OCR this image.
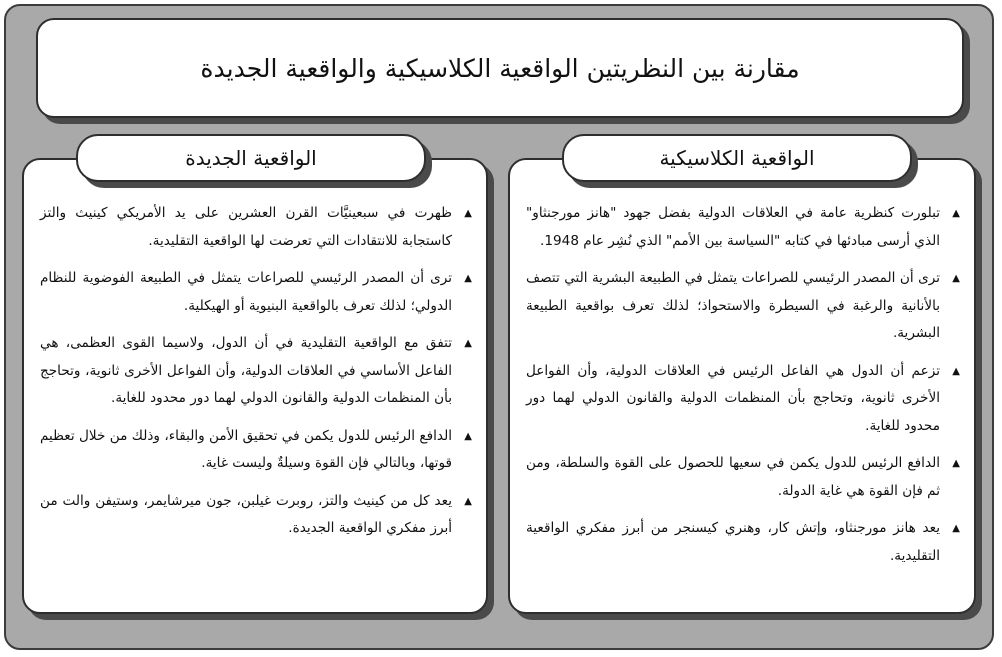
مقارنة بين النظريتين الواقعية الكلاسيكية والواقعية الجديدة
▲
تبلورت كنظرية عامة في العلاقات الدولية بفضل جهود "هانز مورجنثاو" الذي أرسى مبادئها في كتابه "السياسة بين الأمم" الذي نُشِر عام 1948.
▲
ترى أن المصدر الرئيسي للصراعات يتمثل في الطبيعة البشرية التي تتصف بالأنانية والرغبة في السيطرة والاستحواذ؛ لذلك تعرف بواقعية الطبيعة البشرية.
▲
تزعم أن الدول هي الفاعل الرئيس في العلاقات الدولية، وأن الفواعل الأخرى ثانوية، وتحاجج بأن المنظمات الدولية والقانون الدولي لهما دور محدود للغاية.
▲
الدافع الرئيس للدول يكمن في سعيها للحصول على القوة والسلطة، ومن ثم فإن القوة هي غاية الدولة.
▲
يعد هانز مورجنثاو، وإتش كار، وهنري كيسنجر من أبرز مفكري الواقعية التقليدية.
الواقعية الكلاسيكية
▲
ظهرت في سبعينيَّات القرن العشرين على يد الأمريكي كينيث والتز كاستجابة للانتقادات التي تعرضت لها الواقعية التقليدية.
▲
ترى أن المصدر الرئيسي للصراعات يتمثل في الطبيعة الفوضوية للنظام الدولي؛ لذلك تعرف بالواقعية البنيوية أو الهيكلية.
▲
تتفق مع الواقعية التقليدية في أن الدول، ولاسيما القوى العظمى، هي الفاعل الأساسي في العلاقات الدولية، وأن الفواعل الأخرى ثانوية، وتحاجج بأن المنظمات الدولية والقانون الدولي لهما دور محدود للغاية.
▲
الدافع الرئيس للدول يكمن في تحقيق الأمن والبقاء، وذلك من خلال تعظيم قوتها، وبالتالي فإن القوة وسيلةٌ وليست غاية.
▲
يعد كل من كينيث والتز، روبرت غيلبن، جون ميرشايمر، وستيفن والت من أبرز مفكري الواقعية الجديدة.
الواقعية الجديدة
